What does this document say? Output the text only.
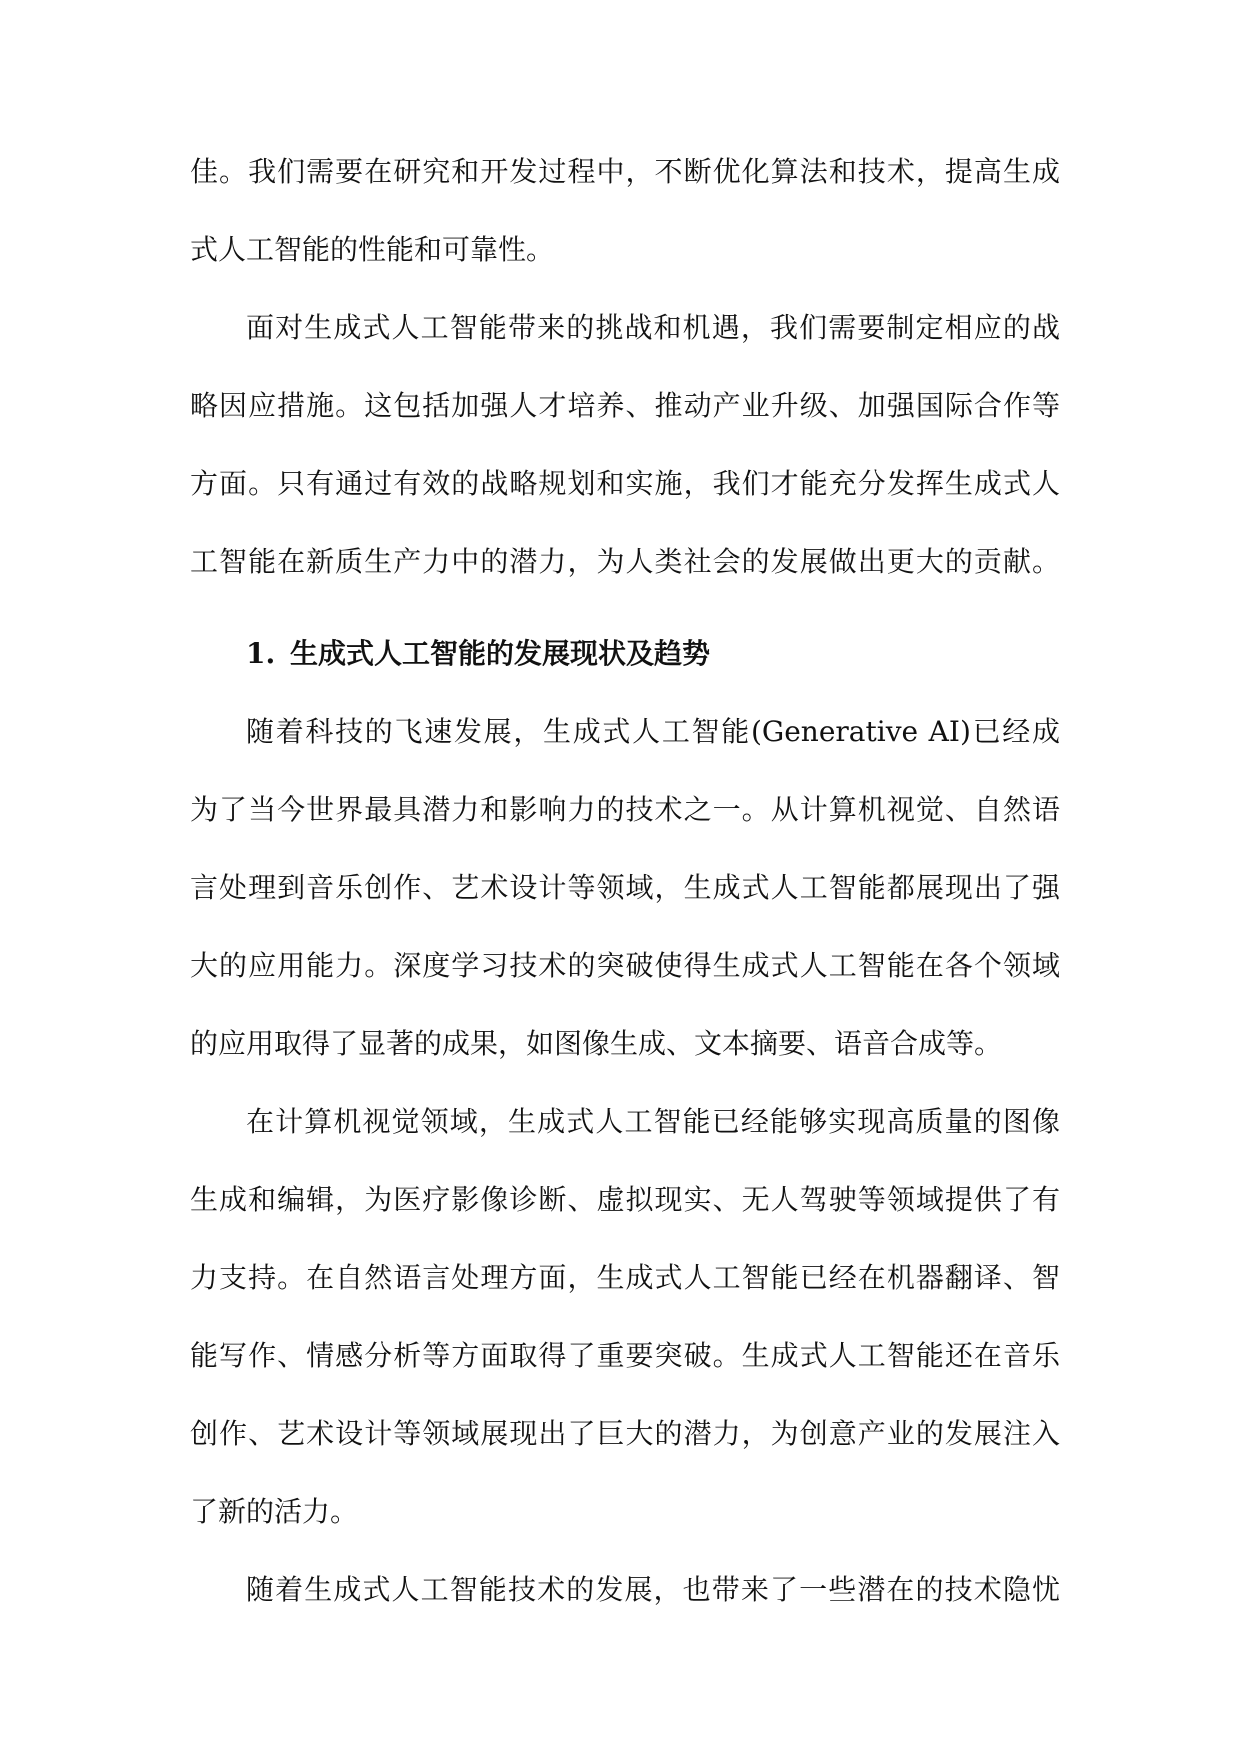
佳。我们需要在研究和开发过程中，不断优化算法和技术，提高生成
式人工智能的性能和可靠性。
面对生成式人工智能带来的挑战和机遇，我们需要制定相应的战
略因应措施。这包括加强人才培养、推动产业升级、加强国际合作等
方面。只有通过有效的战略规划和实施，我们才能充分发挥生成式人
工智能在新质生产力中的潜力，为人类社会的发展做出更大的贡献。
1. 生成式人工智能的发展现状及趋势
随着科技的飞速发展，生成式人工智能(Generative AI)已经成
为了当今世界最具潜力和影响力的技术之一。从计算机视觉、自然语
言处理到音乐创作、艺术设计等领域，生成式人工智能都展现出了强
大的应用能力。深度学习技术的突破使得生成式人工智能在各个领域
的应用取得了显著的成果，如图像生成、文本摘要、语音合成等。
在计算机视觉领域，生成式人工智能已经能够实现高质量的图像
生成和编辑，为医疗影像诊断、虚拟现实、无人驾驶等领域提供了有
力支持。在自然语言处理方面，生成式人工智能已经在机器翻译、智
能写作、情感分析等方面取得了重要突破。生成式人工智能还在音乐
创作、艺术设计等领域展现出了巨大的潜力，为创意产业的发展注入
了新的活力。
随着生成式人工智能技术的发展，也带来了一些潜在的技术隐忧
